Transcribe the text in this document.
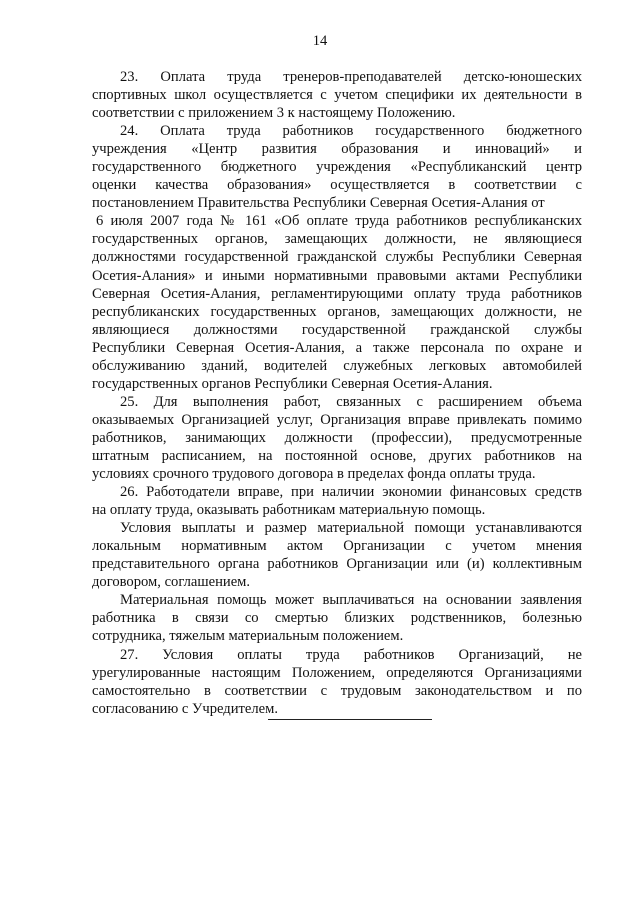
14
23. Оплата труда тренеров-преподавателей детско-юношеских
спортивных школ осуществляется с учетом специфики их деятельности в
соответствии с приложением 3 к настоящему Положению.
24. Оплата труда работников государственного бюджетного
учреждения «Центр развития образования и инноваций» и
государственного бюджетного учреждения «Республиканский центр
оценки качества образования» осуществляется в соответствии с
постановлением Правительства Республики Северная Осетия-Алания от
6 июля 2007 года № 161 «Об оплате труда работников республиканских
государственных органов, замещающих должности, не являющиеся
должностями государственной гражданской службы Республики Северная
Осетия-Алания» и иными нормативными правовыми актами Республики
Северная Осетия-Алания, регламентирующими оплату труда работников
республиканских государственных органов, замещающих должности, не
являющиеся должностями государственной гражданской службы
Республики Северная Осетия-Алания, а также персонала по охране и
обслуживанию зданий, водителей служебных легковых автомобилей
государственных органов Республики Северная Осетия-Алания.
25. Для выполнения работ, связанных с расширением объема
оказываемых Организацией услуг, Организация вправе привлекать помимо
работников, занимающих должности (профессии), предусмотренные
штатным расписанием, на постоянной основе, других работников на
условиях срочного трудового договора в пределах фонда оплаты труда.
26. Работодатели вправе, при наличии экономии финансовых средств
на оплату труда, оказывать работникам материальную помощь.
Условия выплаты и размер материальной помощи устанавливаются
локальным нормативным актом Организации с учетом мнения
представительного органа работников Организации или (и) коллективным
договором, соглашением.
Материальная помощь может выплачиваться на основании заявления
работника в связи со смертью близких родственников, болезнью
сотрудника, тяжелым материальным положением.
27. Условия оплаты труда работников Организаций, не
урегулированные настоящим Положением, определяются Организациями
самостоятельно в соответствии с трудовым законодательством и по
согласованию с Учредителем.
